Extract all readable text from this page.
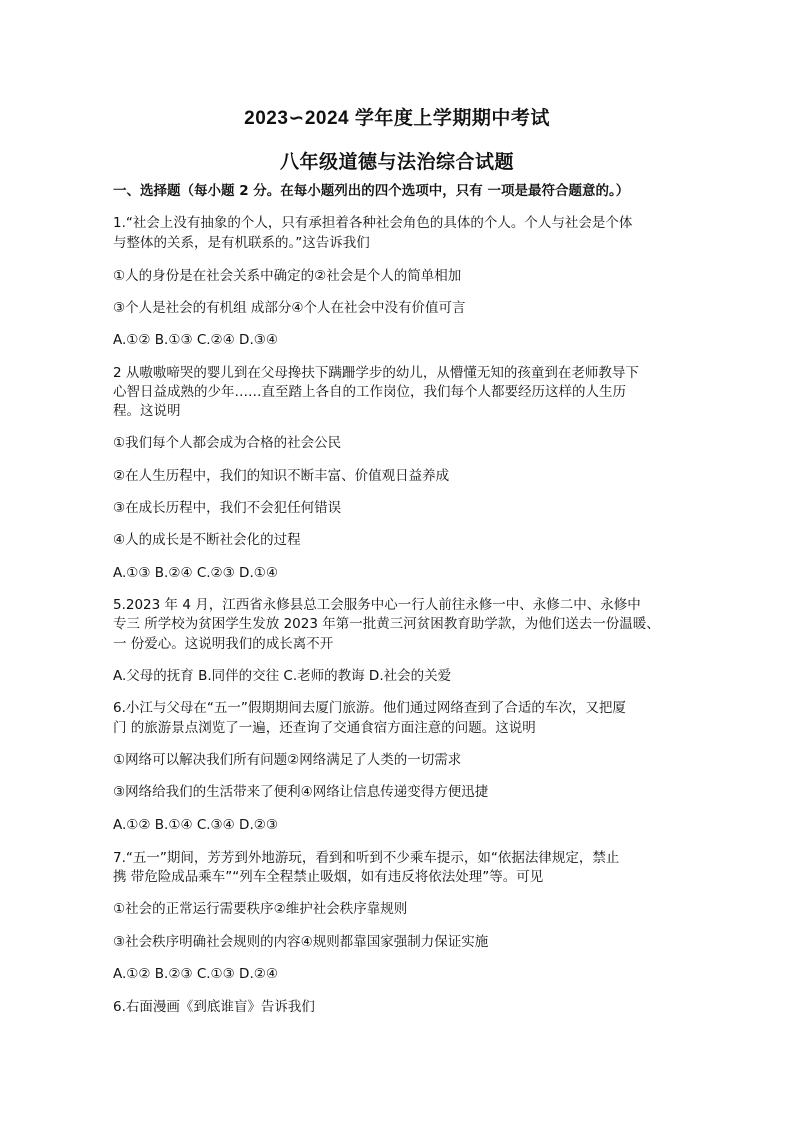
2023∽2024 学年度上学期期中考试
八年级道德与法治综合试题
一、选择题（每小题 2 分。在每小题列出的四个选项中，只有 一项是最符合题意的。）
1.“社会上没有抽象的个人，只有承担着各种社会角色的具体的个人。个人与社会是个体
与整体的关系，是有机联系的。”这告诉我们
①人的身份是在社会关系中确定的②社会是个人的简单相加
③个人是社会的有机组 成部分④个人在社会中没有价值可言
A.①② B.①③ C.②④ D.③④
2 从嗷嗷啼哭的婴儿到在父母搀扶下蹒跚学步的幼儿，从懵懂无知的孩童到在老师教导下
心智日益成熟的少年……直至踏上各自的工作岗位，我们每个人都要经历这样的人生历
程。这说明
①我们每个人都会成为合格的社会公民
②在人生历程中，我们的知识不断丰富、价值观日益养成
③在成长历程中，我们不会犯任何错误
④人的成长是不断社会化的过程
A.①③ B.②④ C.②③ D.①④
5.2023 年 4 月，江西省永修县总工会服务中心一行人前往永修一中、永修二中、永修中
专三 所学校为贫困学生发放 2023 年第一批黄三河贫困教育助学款，为他们送去一份温暖、
一 份爱心。这说明我们的成长离不开
A.父母的抚育 B.同伴的交往 C.老师的教诲 D.社会的关爱
6.小江与父母在“五一”假期期间去厦门旅游。他们通过网络查到了合适的车次，又把厦
门 的旅游景点浏览了一遍，还查询了交通食宿方面注意的问题。这说明
①网络可以解决我们所有问题②网络满足了人类的一切需求
③网络给我们的生活带来了便利④网络让信息传递变得方便迅捷
A.①② B.①④ C.③④ D.②③
7.“五一”期间，芳芳到外地游玩，看到和听到不少乘车提示，如“依据法律规定，禁止
携 带危险成品乘车”“列车全程禁止吸烟，如有违反将依法处理”等。可见
①社会的正常运行需要秩序②维护社会秩序靠规则
③社会秩序明确社会规则的内容④规则都靠国家强制力保证实施
A.①② B.②③ C.①③ D.②④
6.右面漫画《到底谁盲》告诉我们
